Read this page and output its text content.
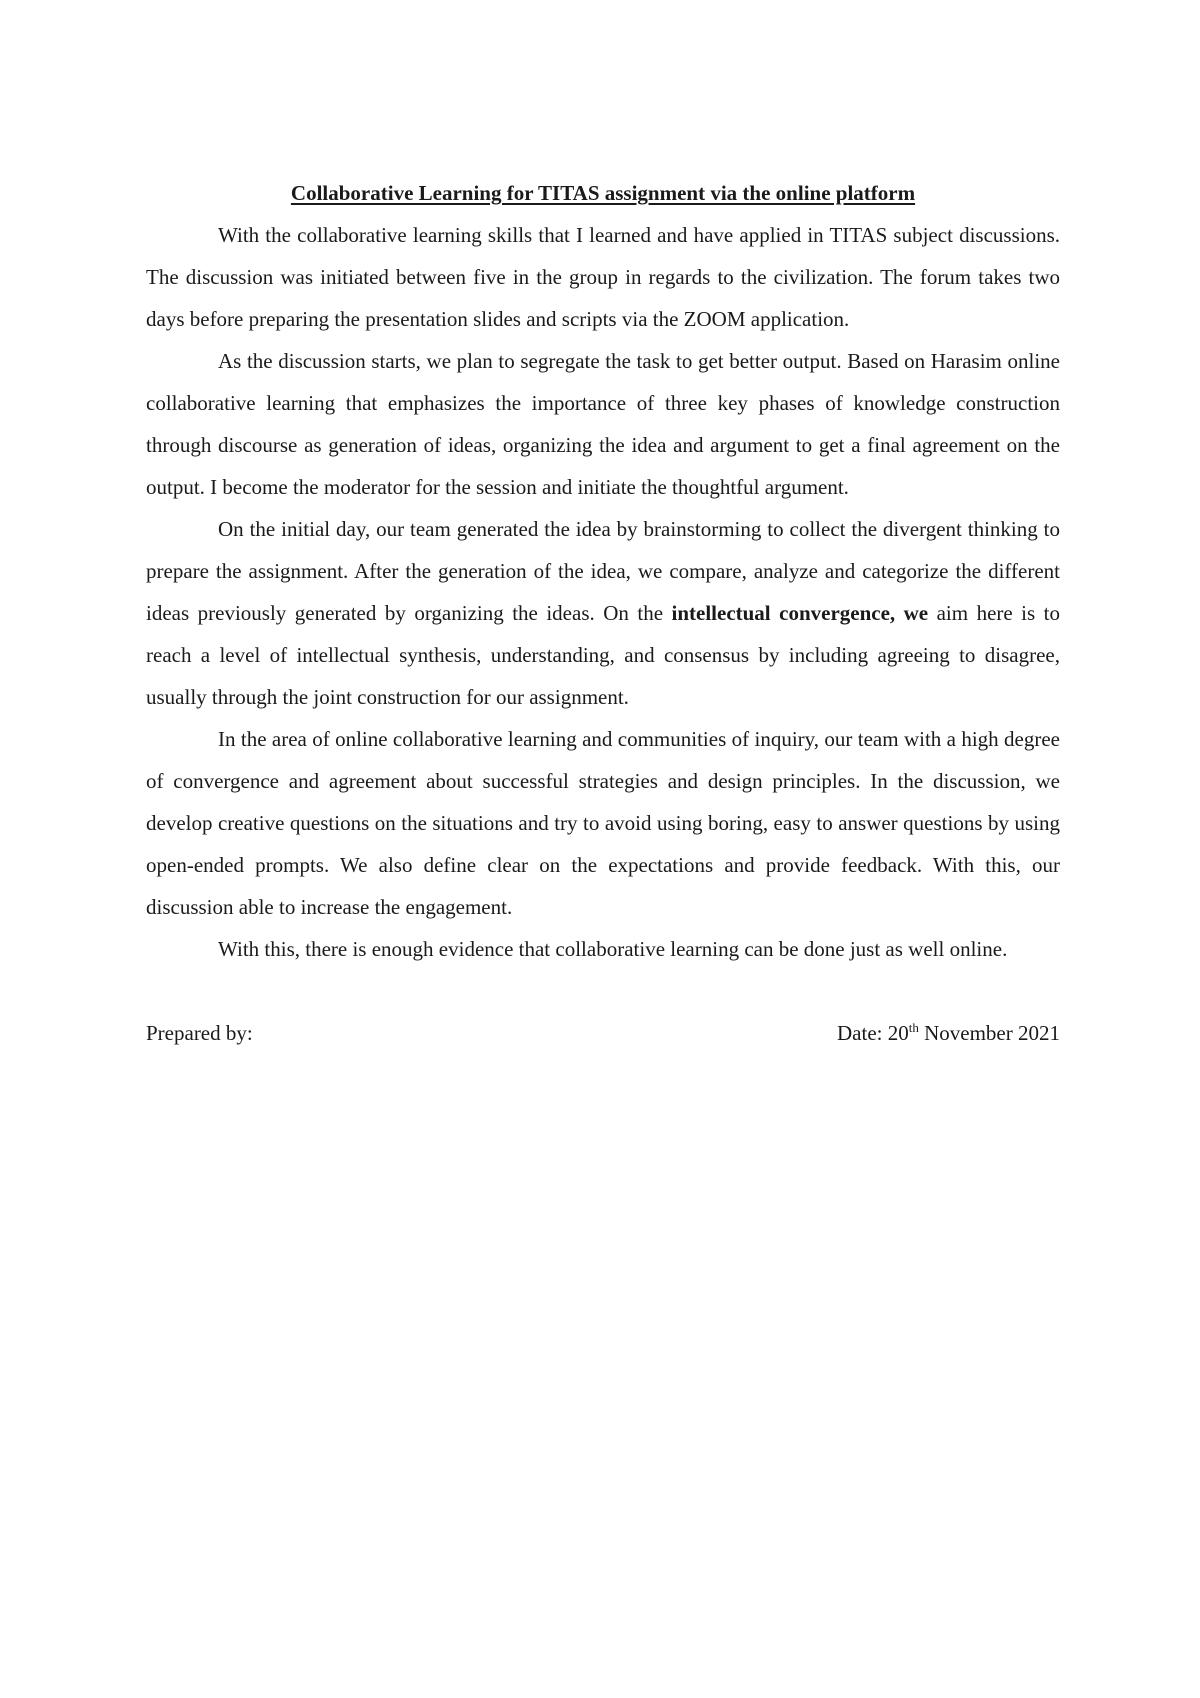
Collaborative Learning for TITAS assignment via the online platform

With the collaborative learning skills that I learned and have applied in TITAS subject discussions. The discussion was initiated between five in the group in regards to the civilization. The forum takes two days before preparing the presentation slides and scripts via the ZOOM application.

As the discussion starts, we plan to segregate the task to get better output. Based on Harasim online collaborative learning that emphasizes the importance of three key phases of knowledge construction through discourse as generation of ideas, organizing the idea and argument to get a final agreement on the output. I become the moderator for the session and initiate the thoughtful argument.

On the initial day, our team generated the idea by brainstorming to collect the divergent thinking to prepare the assignment. After the generation of the idea, we compare, analyze and categorize the different ideas previously generated by organizing the ideas. On the intellectual convergence, we aim here is to reach a level of intellectual synthesis, understanding, and consensus by including agreeing to disagree, usually through the joint construction for our assignment.

In the area of online collaborative learning and communities of inquiry, our team with a high degree of convergence and agreement about successful strategies and design principles. In the discussion, we develop creative questions on the situations and try to avoid using boring, easy to answer questions by using open-ended prompts. We also define clear on the expectations and provide feedback. With this, our discussion able to increase the engagement.

With this, there is enough evidence that collaborative learning can be done just as well online.

Prepared by:	Date: 20th November 2021
